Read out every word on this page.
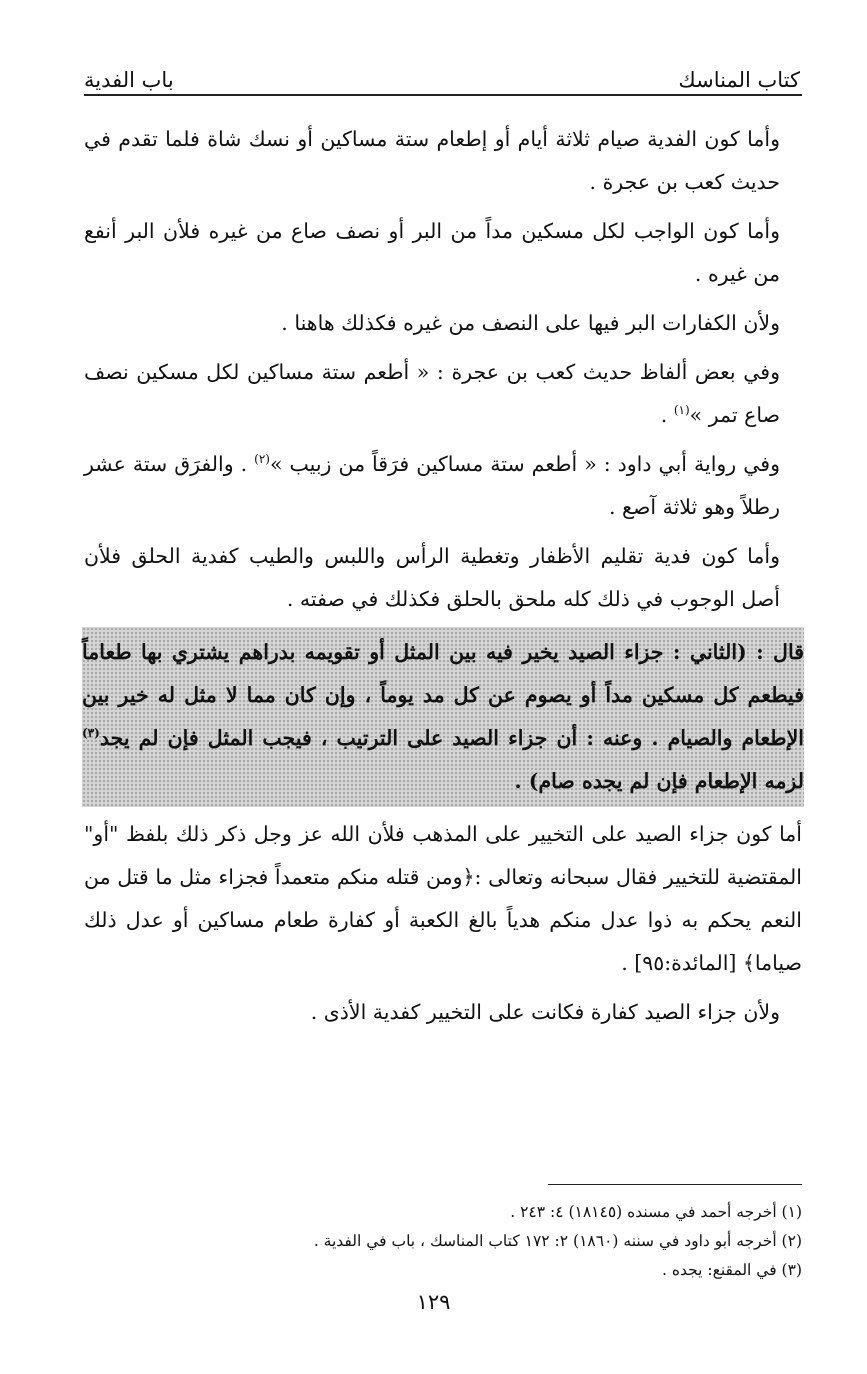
كتاب المناسك
باب الفدية

وأما كون الفدية صيام ثلاثة أيام أو إطعام ستة مساكين أو نسك شاة فلما تقدم في حديث كعب بن عجرة .

وأما كون الواجب لكل مسكين مداً من البر أو نصف صاع من غيره فلأن البر أنفع من غيره .

ولأن الكفارات البر فيها على النصف من غيره فكذلك هاهنا .

وفي بعض ألفاظ حديث كعب بن عجرة : « أطعم ستة مساكين لكل مسكين نصف صاع تمر »$^{(١)}$ .

وفي رواية أبي داود : « أطعم ستة مساكين فرَقاً من زبيب »$^{(٢)}$ . والفرَق ستة عشر رطلاً وهو ثلاثة آصع .

وأما كون فدية تقليم الأظفار وتغطية الرأس واللبس والطيب كفدية الحلق فلأن أصل الوجوب في ذلك كله ملحق بالحلق فكذلك في صفته .

قال : (الثاني : جزاء الصيد يخير فيه بين المثل أو تقويمه بدراهم يشتري بها طعاماً فيطعم كل مسكين مداً أو يصوم عن كل مد يوماً ، وإن كان مما لا مثل له خير بين الإطعام والصيام . وعنه : أن جزاء الصيد على الترتيب ، فيجب المثل فإن لم يجد$^{(٣)}$ لزمه الإطعام فإن لم يجده صام) .

أما كون جزاء الصيد على التخيير على المذهب فلأن الله عز وجل ذكر ذلك بلفظ "أو" المقتضية للتخيير فقال سبحانه وتعالى :﴿ومن قتله منكم متعمداً فجزاء مثل ما قتل من النعم يحكم به ذوا عدل منكم هدياً بالغ الكعبة أو كفارة طعام مساكين أو عدل ذلك صياما﴾ [المائدة:٩٥] .

ولأن جزاء الصيد كفارة فكانت على التخيير كفدية الأذى .

(١) أخرجه أحمد في مسنده (١٨١٤٥) ٤: ٢٤٣ .

(٢) أخرجه أبو داود في سننه (١٨٦٠) ٢: ١٧٢ كتاب المناسك ، باب في الفدية .

(٣) في المقنع: يجده .

١٢٩
